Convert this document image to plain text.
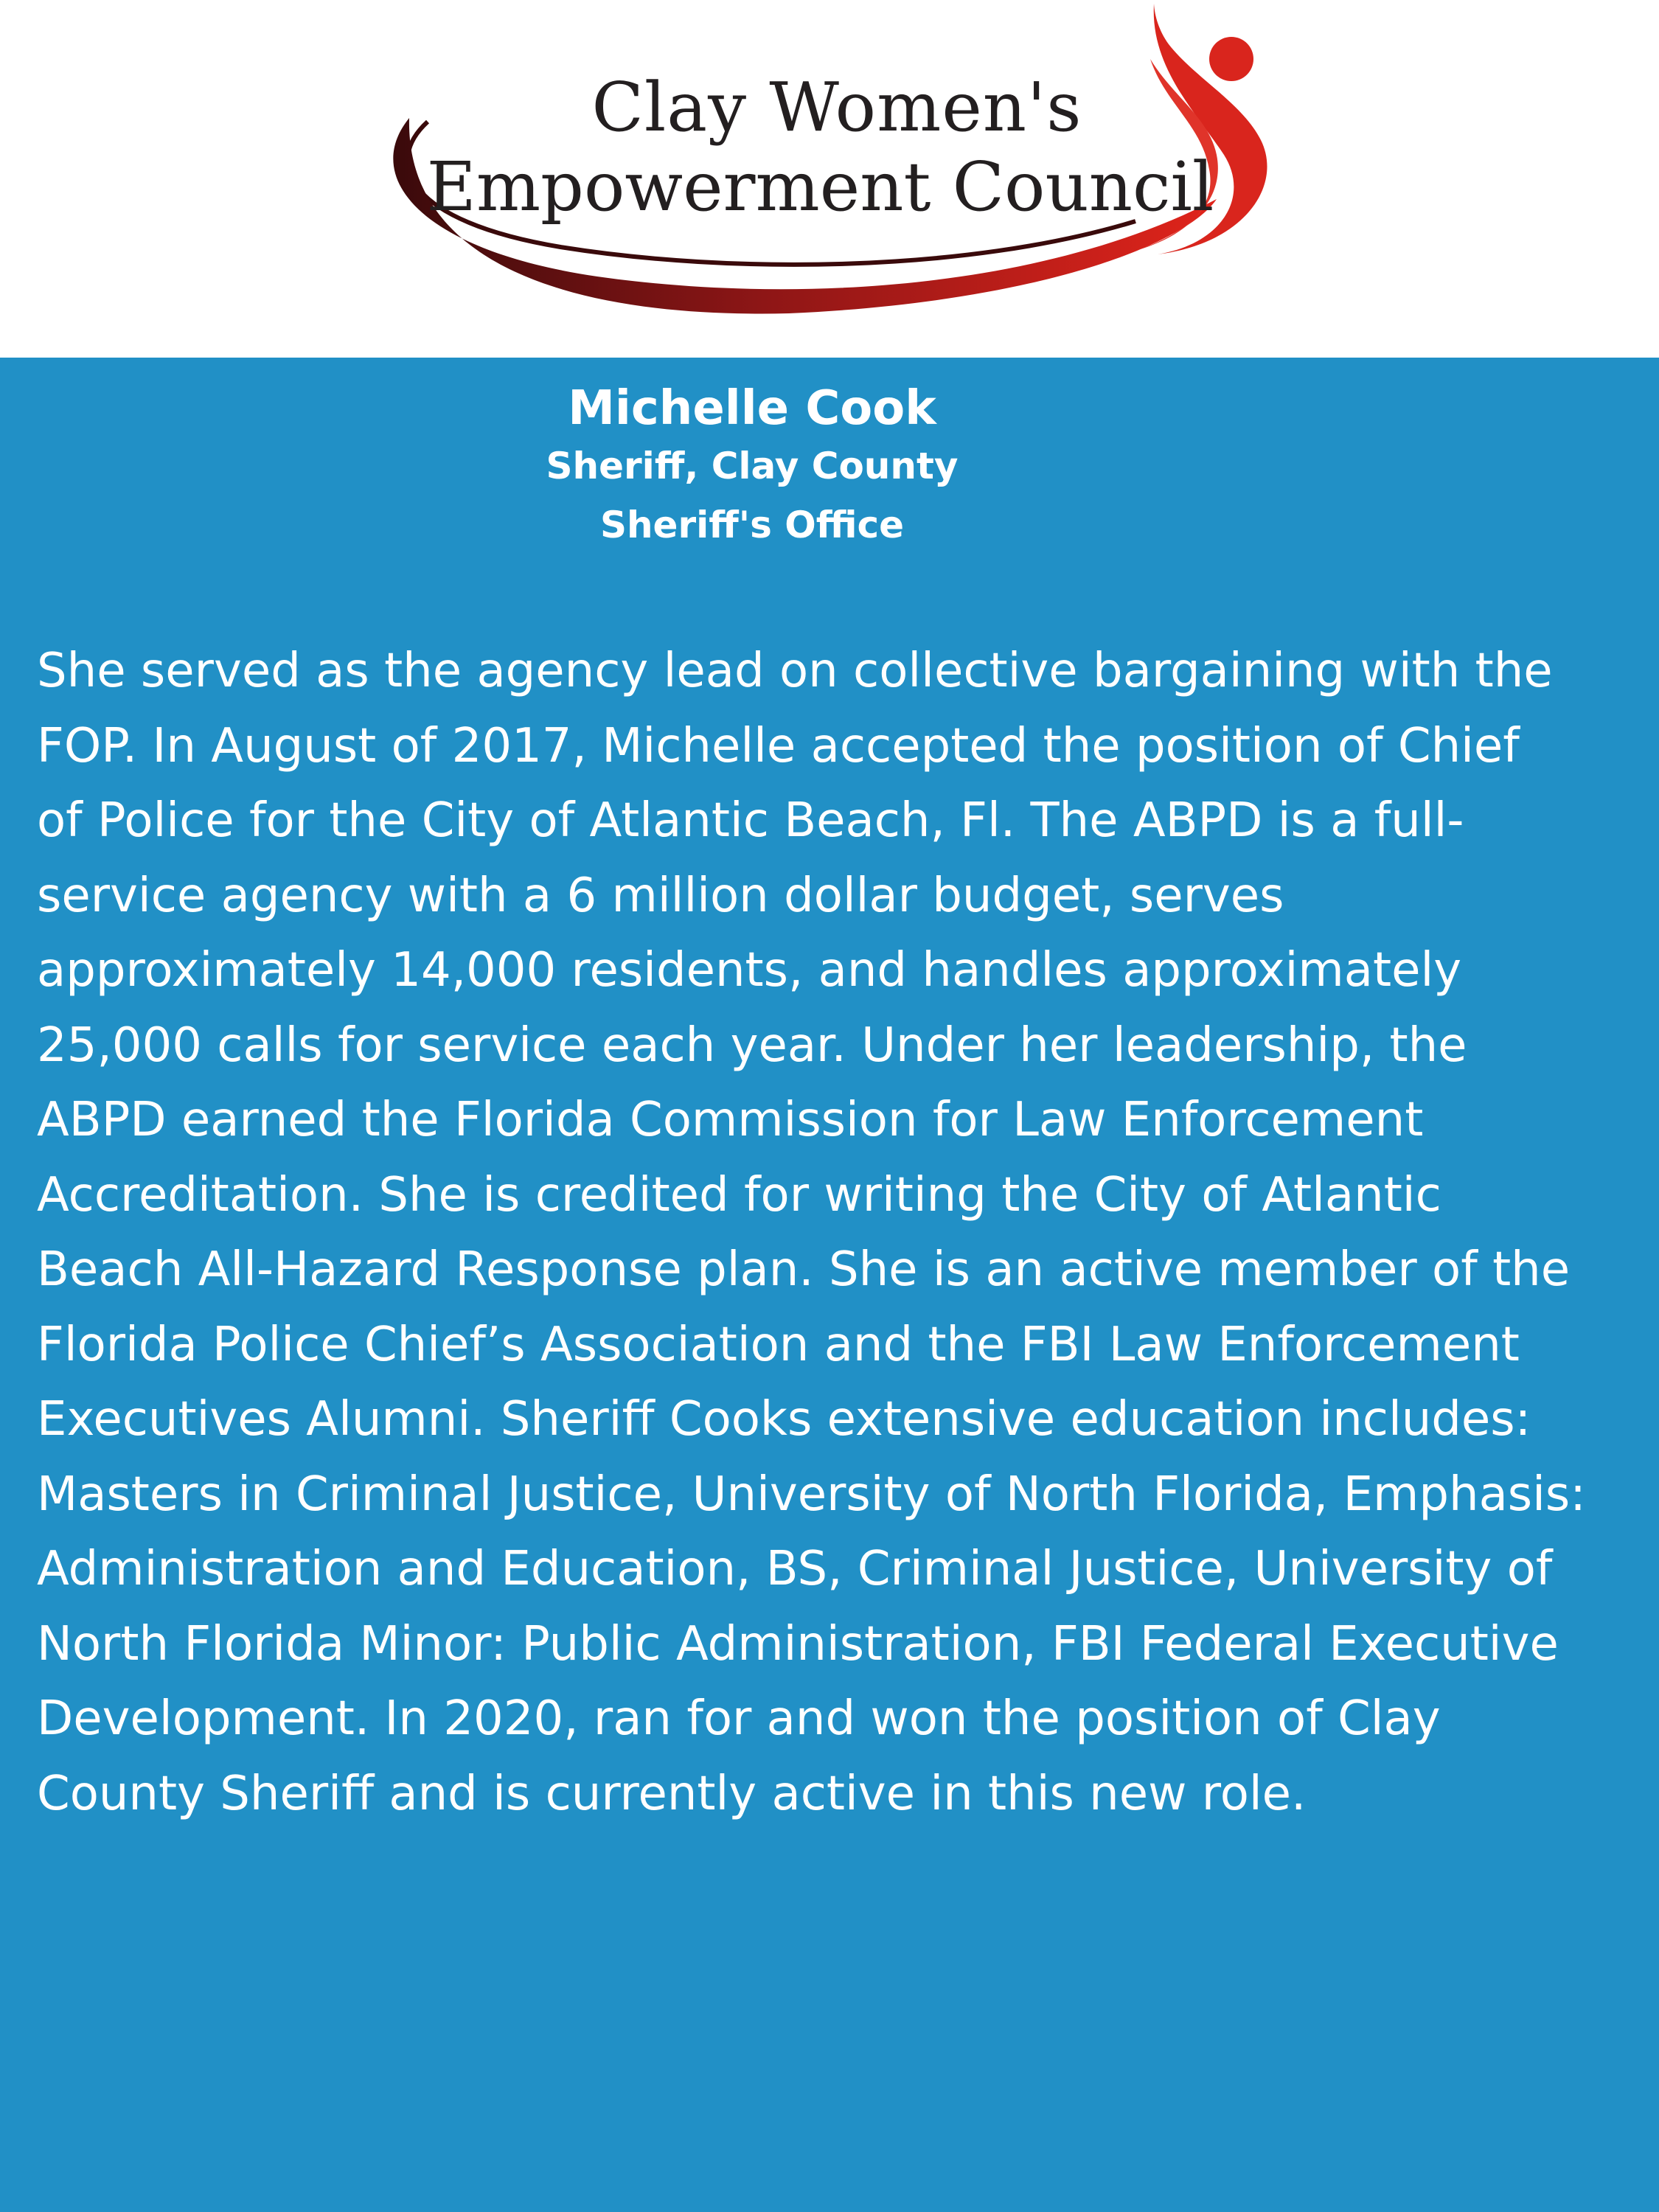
Clay Women's
Empowerment Council
Michelle Cook
Sheriff, Clay County
Sheriff's Office

She served as the agency lead on collective bargaining with the
FOP. In August of 2017, Michelle accepted the position of Chief
of Police for the City of Atlantic Beach, Fl. The ABPD is a full-
service agency with a 6 million dollar budget, serves
approximately 14,000 residents, and handles approximately
25,000 calls for service each year. Under her leadership, the
ABPD earned the Florida Commission for Law Enforcement
Accreditation. She is credited for writing the City of Atlantic
Beach All-Hazard Response plan. She is an active member of the
Florida Police Chief’s Association and the FBI Law Enforcement
Executives Alumni. Sheriff Cooks extensive education includes:
Masters in Criminal Justice, University of North Florida, Emphasis:
Administration and Education, BS, Criminal Justice, University of
North Florida Minor: Public Administration, FBI Federal Executive
Development. In 2020, ran for and won the position of Clay
County Sheriff and is currently active in this new role.
